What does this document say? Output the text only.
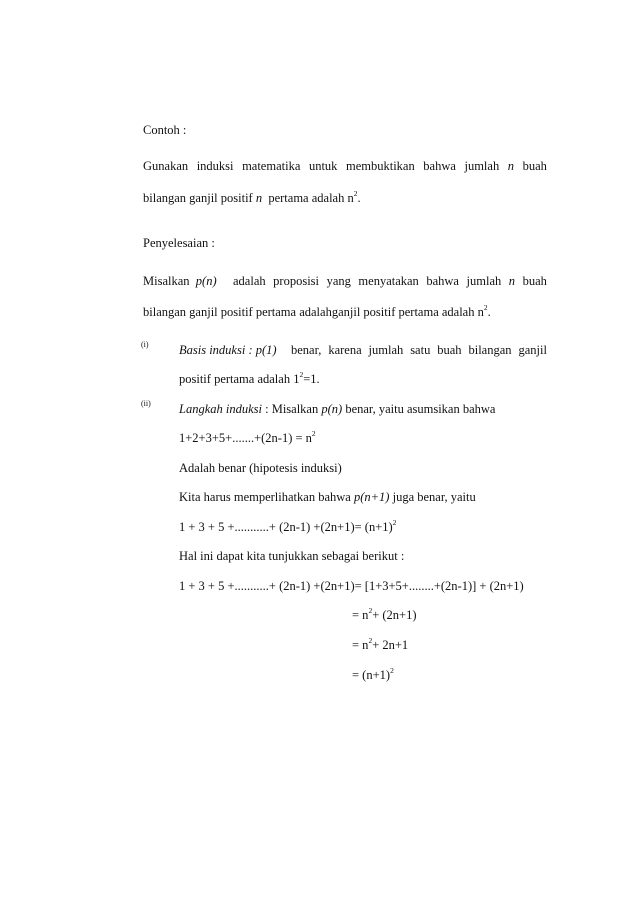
Contoh :
Gunakan induksi matematika untuk membuktikan bahwa jumlah n buah
bilangan ganjil positif n pertama adalah $n^2$.
Penyelesaian :
Misalkan p(n) adalah proposisi yang menyatakan bahwa jumlah n buah
bilangan ganjil positif pertama adalahganjil positif pertama adalah $n^2$.
(i) Basis induksi : p(1) benar, karena jumlah satu buah bilangan ganjil
positif pertama adalah $1^2=1$.
(ii) Langkah induksi : Misalkan p(n) benar, yaitu asumsikan bahwa
$1+2+3+5+.......+(2n-1) = n^2$
Adalah benar (hipotesis induksi)
Kita harus memperlihatkan bahwa p(n+1) juga benar, yaitu
1 + 3 + 5 +...........+ $(2n-1) +(2n+1)= (n+1)^2$
Hal ini dapat kita tunjukkan sebagai berikut :
1 + 3 + 5 +...........+ (2n-1) +(2n+1)= [1+3+5+........+(2n-1)] + (2n+1)
= $n^2+ (2n+1)$
= $n^2+ 2n+1$
= $(n+1)^2$
